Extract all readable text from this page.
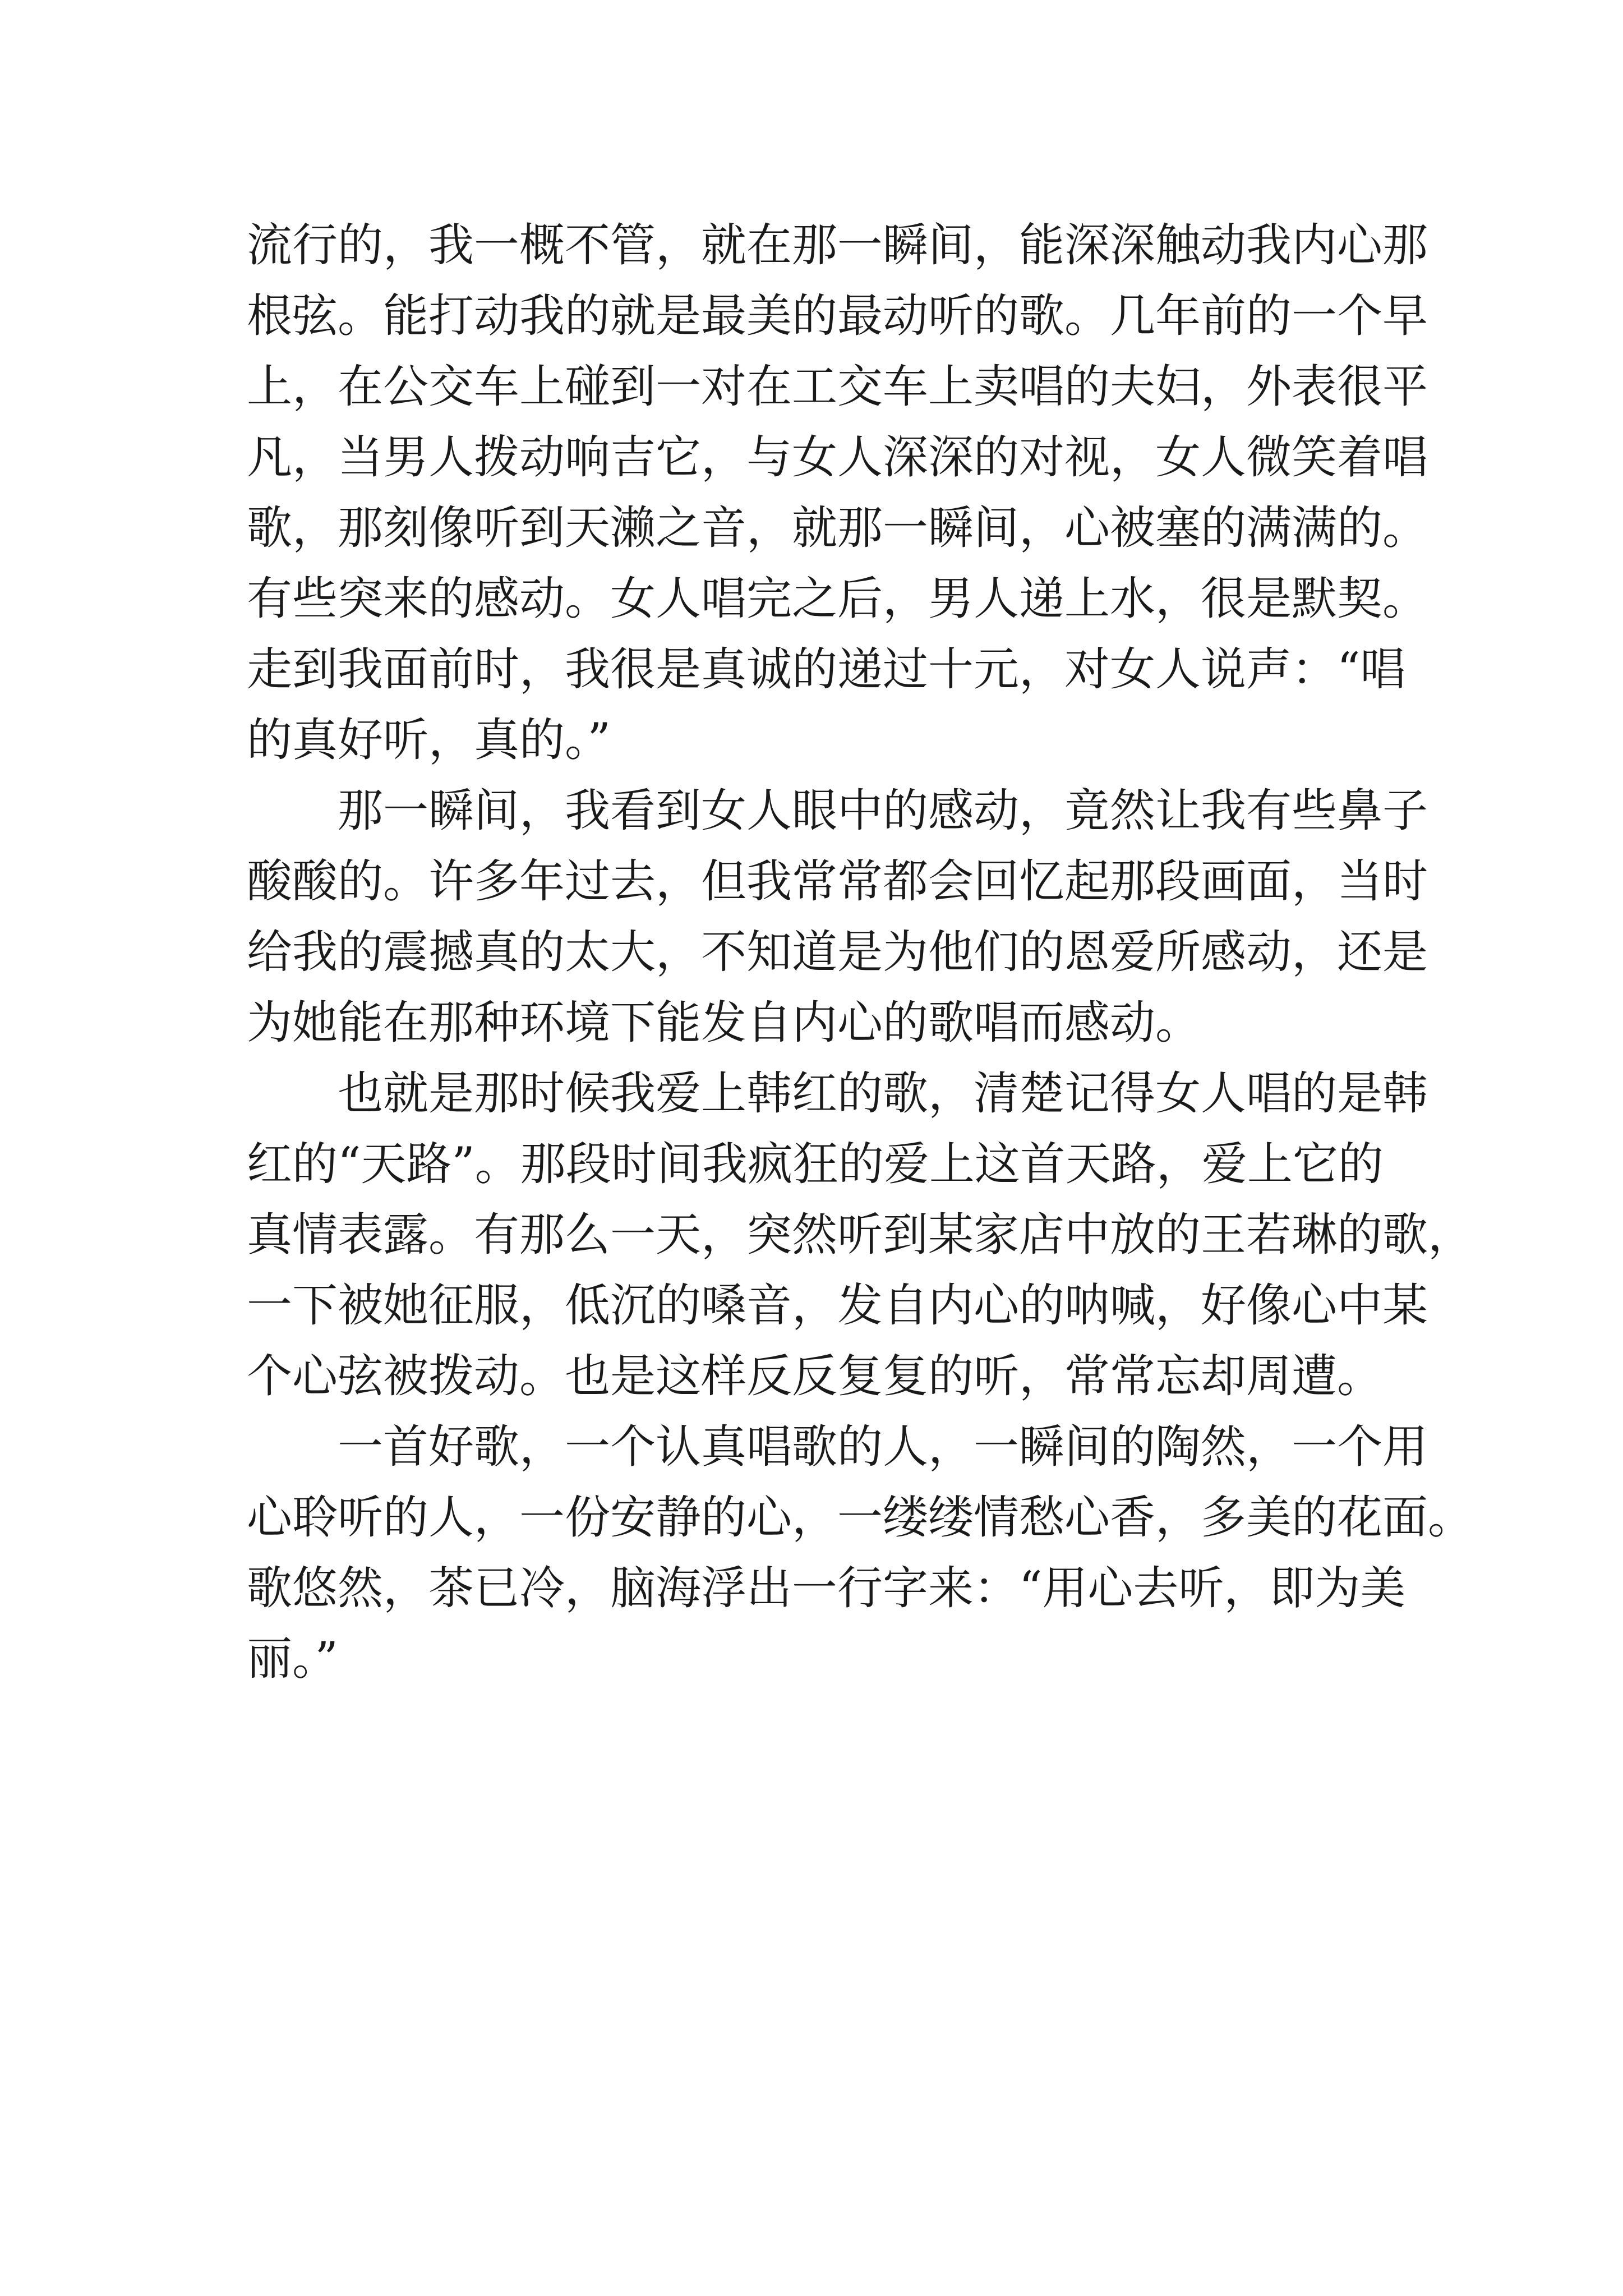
流行的，我一概不管，就在那一瞬间，能深深触动我内心那
根弦。能打动我的就是最美的最动听的歌。几年前的一个早
上，在公交车上碰到一对在工交车上卖唱的夫妇，外表很平
凡，当男人拨动响吉它，与女人深深的对视，女人微笑着唱
歌，那刻像听到天濑之音，就那一瞬间，心被塞的满满的。
有些突来的感动。女人唱完之后，男人递上水，很是默契。
走到我面前时，我很是真诚的递过十元，对女人说声：“唱
的真好听，真的。”
那一瞬间，我看到女人眼中的感动，竟然让我有些鼻子
酸酸的。许多年过去，但我常常都会回忆起那段画面，当时
给我的震撼真的太大，不知道是为他们的恩爱所感动，还是
为她能在那种环境下能发自内心的歌唱而感动。
也就是那时候我爱上韩红的歌，清楚记得女人唱的是韩
红的“天路”。那段时间我疯狂的爱上这首天路，爱上它的
真情表露。有那么一天，突然听到某家店中放的王若琳的歌，
一下被她征服，低沉的嗓音，发自内心的呐喊，好像心中某
个心弦被拨动。也是这样反反复复的听，常常忘却周遭。
一首好歌，一个认真唱歌的人，一瞬间的陶然，一个用
心聆听的人，一份安静的心，一缕缕情愁心香，多美的花面。
歌悠然，茶已冷，脑海浮出一行字来：“用心去听，即为美
丽。”
